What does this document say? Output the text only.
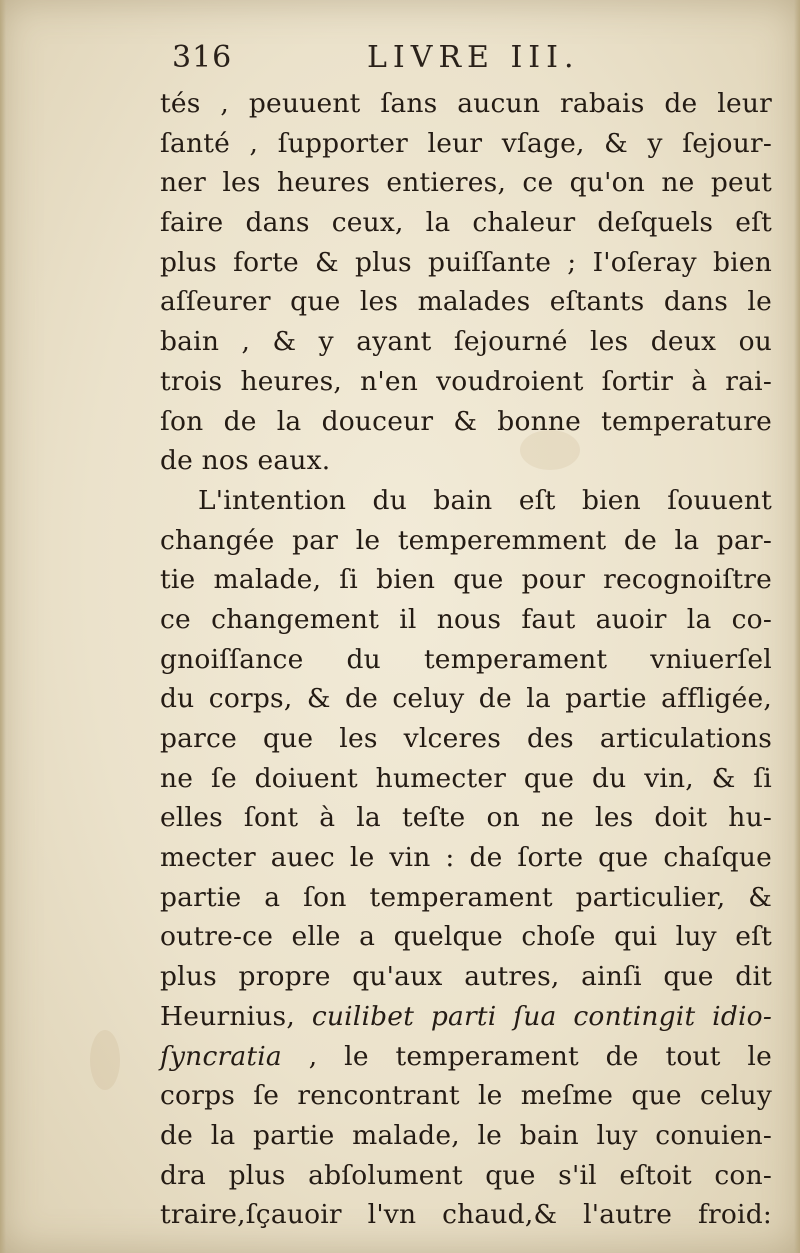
316	LIVRE III.
tés , peuuent ſans aucun rabais de leur
ſanté , ſupporter leur vſage, & y ſejour-
ner les heures entieres, ce qu'on ne peut
faire dans ceux, la chaleur deſquels eſt
plus forte & plus puiſſante ; I'oſeray bien
aſſeurer que les malades eſtants dans le
bain , & y ayant ſejourné les deux ou
trois heures, n'en voudroient ſortir à rai-
ſon de la douceur & bonne temperature
de nos eaux.
L'intention du bain eſt bien ſouuent
changée par le temperemment de la par-
tie malade, ſi bien que pour recognoiſtre
ce changement il nous faut auoir la co-
gnoiſſance du temperament vniuerſel
du corps, & de celuy de la partie affligée,
parce que les vlceres des articulations
ne ſe doiuent humecter que du vin, & ſi
elles ſont à la teſte on ne les doit hu-
mecter auec le vin : de ſorte que chaſque
partie a ſon temperament particulier, &
outre-ce elle a quelque choſe qui luy eſt
plus propre qu'aux autres, ainſi que dit
Heurnius, cuilibet parti ſua contingit idio-
ſyncratia , le temperament de tout le
corps ſe rencontrant le meſme que celuy
de la partie malade, le bain luy conuien-
dra plus abſolument que s'il eſtoit con-
traire,ſçauoir l'vn chaud,& l'autre froid:
